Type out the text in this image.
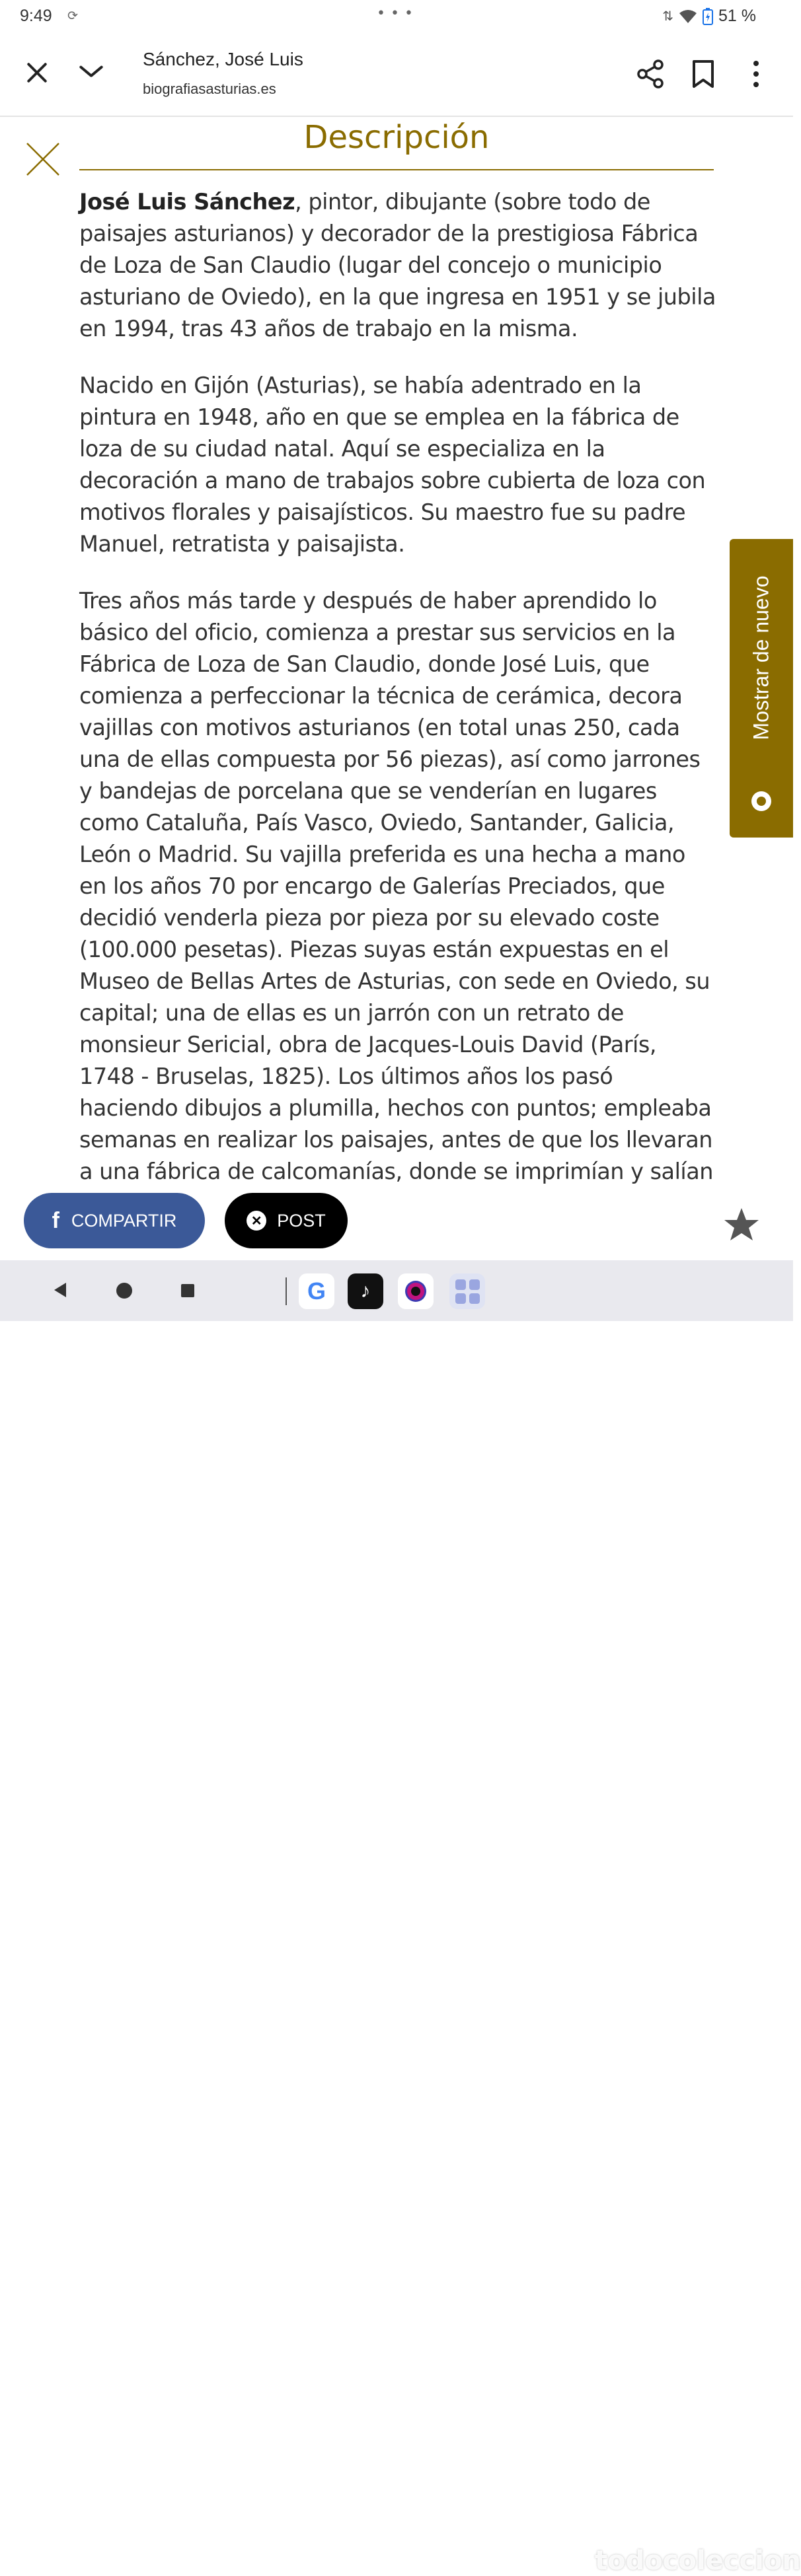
9:49 ⟳	•••	⇅	51 %
Sánchez, José Luis
biografiasasturias.es
Descripción

José Luis Sánchez, pintor, dibujante (sobre todo de paisajes asturianos) y decorador de la prestigiosa Fábrica de Loza de San Claudio (lugar del concejo o municipio asturiano de Oviedo), en la que ingresa en 1951 y se jubila en 1994, tras 43 años de trabajo en la misma.

Nacido en Gijón (Asturias), se había adentrado en la pintura en 1948, año en que se emplea en la fábrica de loza de su ciudad natal. Aquí se especializa en la decoración a mano de trabajos sobre cubierta de loza con motivos florales y paisajísticos. Su maestro fue su padre Manuel, retratista y paisajista.

Tres años más tarde y después de haber aprendido lo básico del oficio, comienza a prestar sus servicios en la Fábrica de Loza de San Claudio, donde José Luis, que comienza a perfeccionar la técnica de cerámica, decora vajillas con motivos asturianos (en total unas 250, cada una de ellas compuesta por 56 piezas), así como jarrones y bandejas de porcelana que se venderían en lugares como Cataluña, País Vasco, Oviedo, Santander, Galicia, León o Madrid. Su vajilla preferida es una hecha a mano en los años 70 por encargo de Galerías Preciados, que decidió venderla pieza por pieza por su elevado coste (100.000 pesetas). Piezas suyas están expuestas en el Museo de Bellas Artes de Asturias, con sede en Oviedo, su capital; una de ellas es un jarrón con un retrato de monsieur Sericial, obra de Jacques-Louis David (París, 1748 - Bruselas, 1825). Los últimos años los pasó haciendo dibujos a plumilla, hechos con puntos; empleaba semanas en realizar los paisajes, antes de que los llevaran a una fábrica de calcomanías, donde se imprimían y salían

Mostrar de nuevo
f COMPARTIR	✕ POST
G	♪
todocoleccion
